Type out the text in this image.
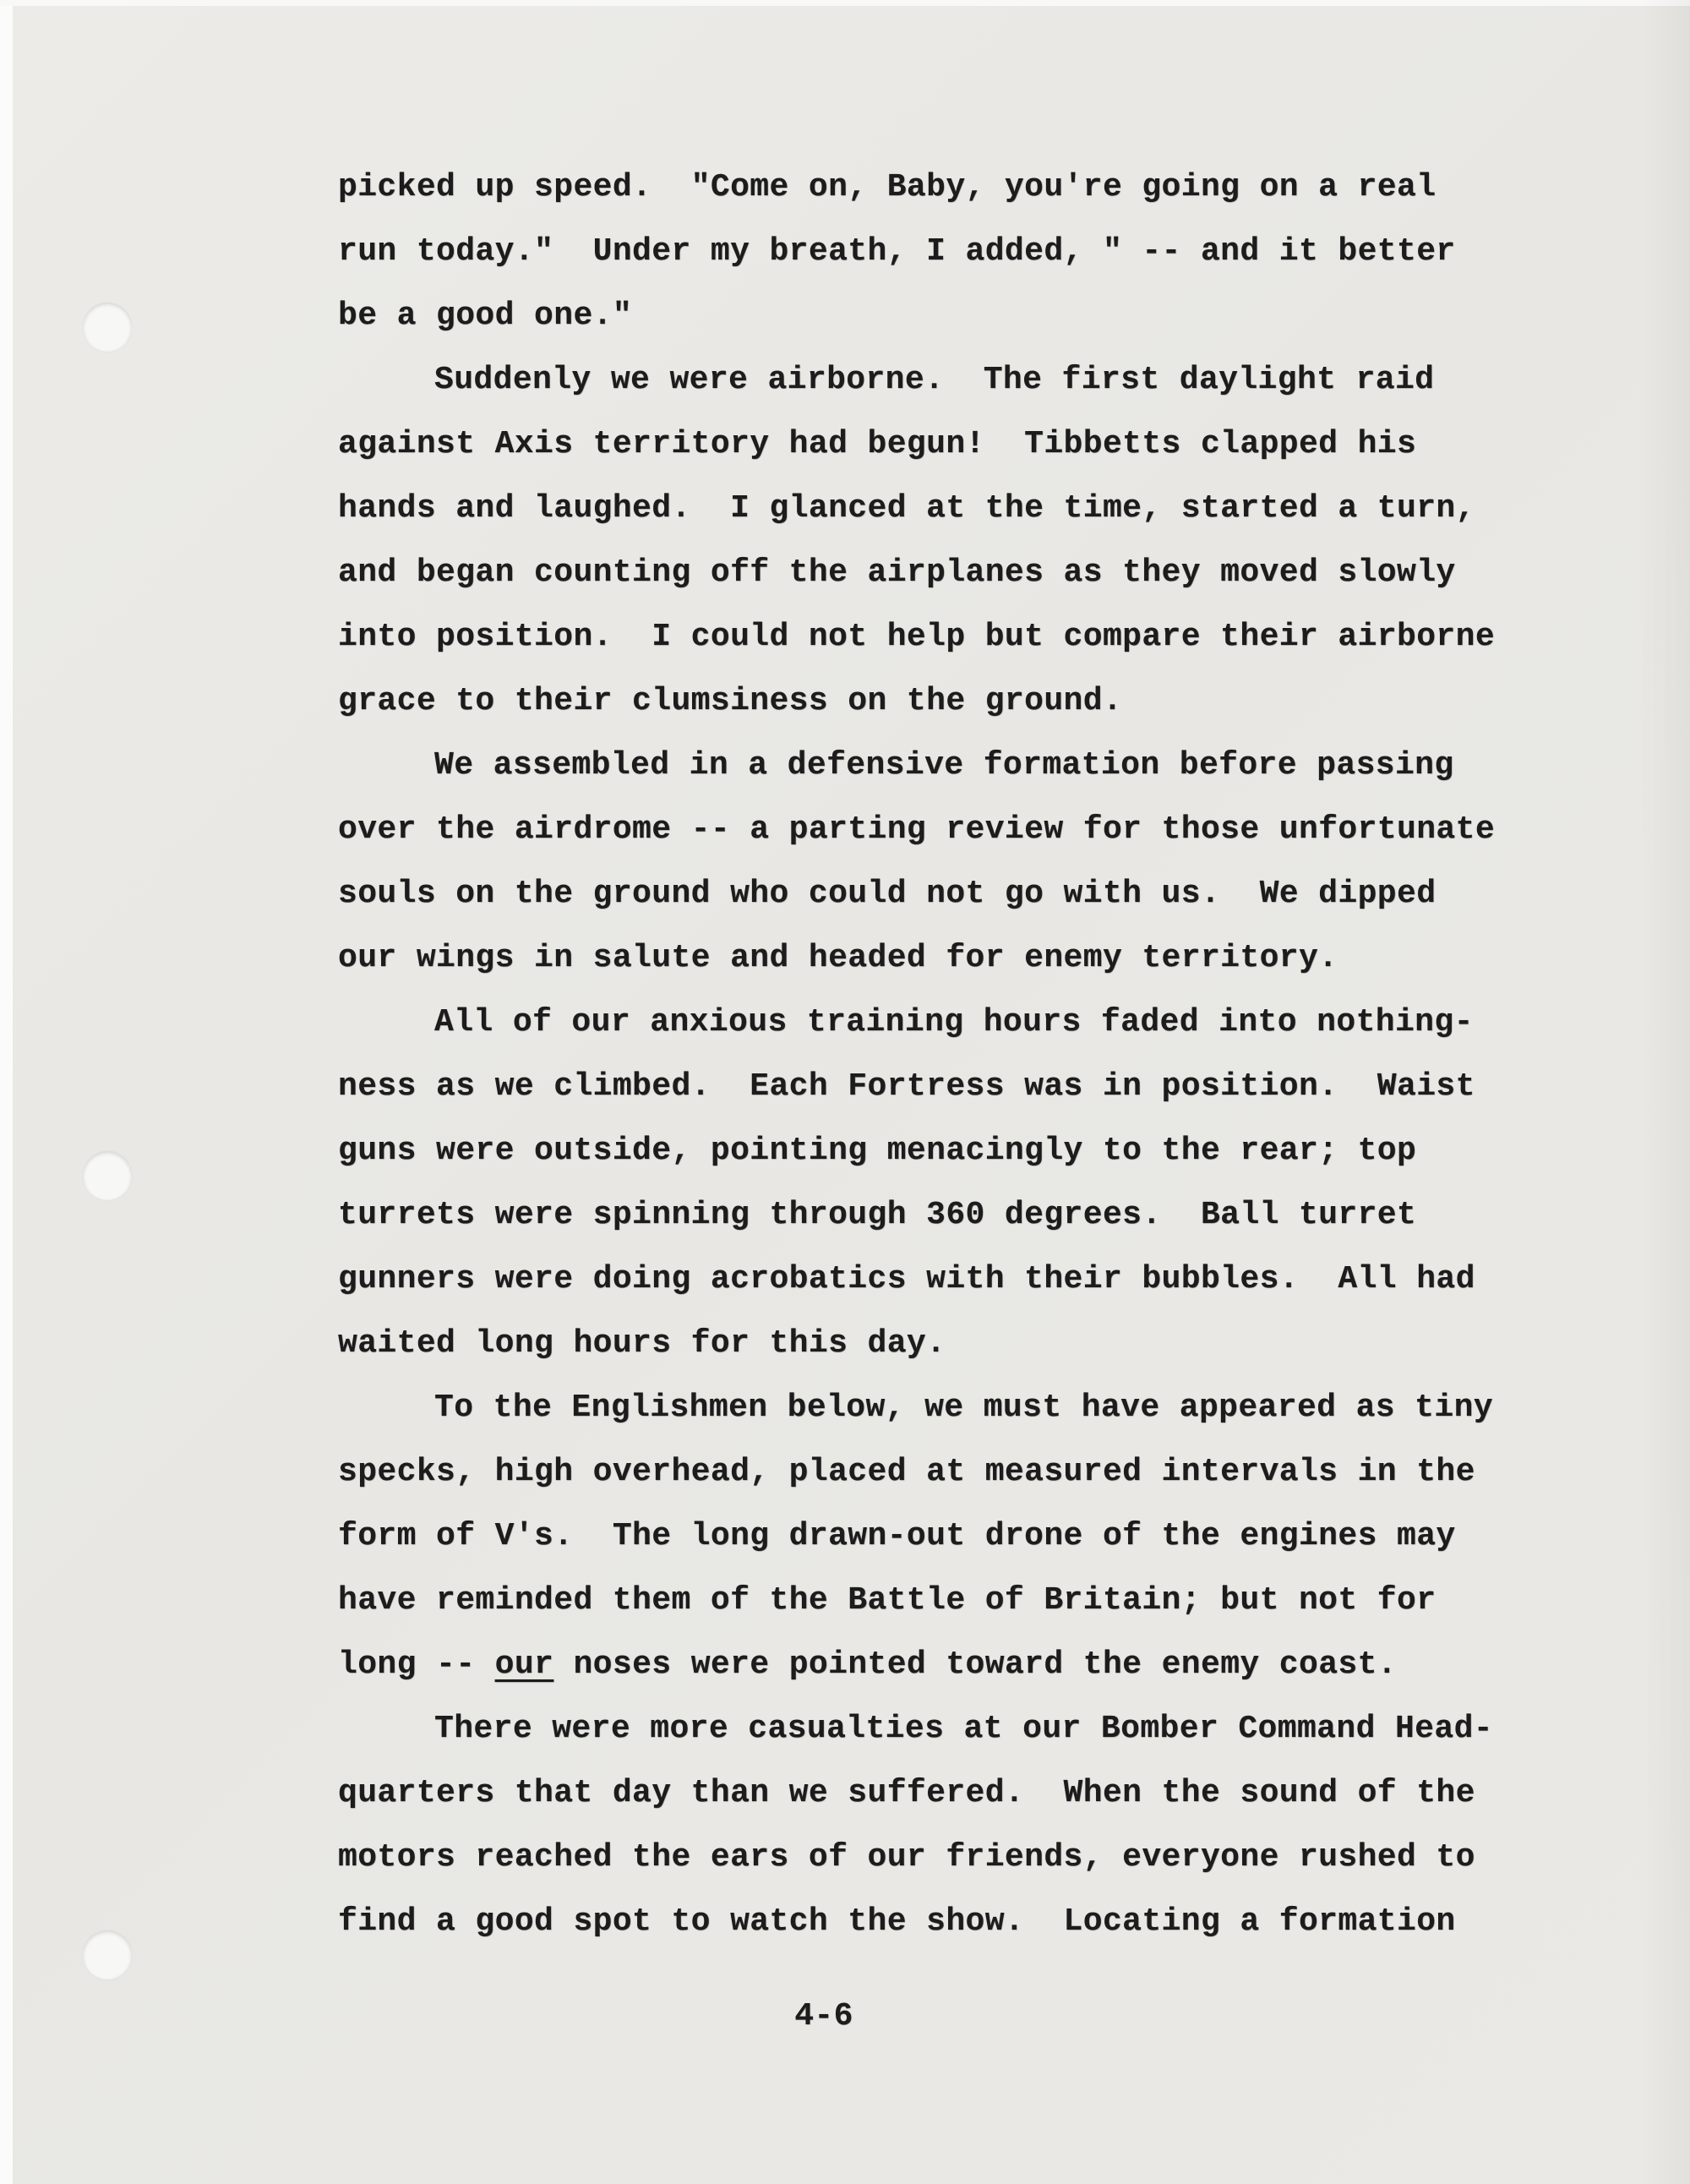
picked up speed.  "Come on, Baby, you're going on a real
run today."  Under my breath, I added, " -- and it better
be a good one."
Suddenly we were airborne.  The first daylight raid
against Axis territory had begun!  Tibbetts clapped his
hands and laughed.  I glanced at the time, started a turn,
and began counting off the airplanes as they moved slowly
into position.  I could not help but compare their airborne
grace to their clumsiness on the ground.
We assembled in a defensive formation before passing
over the airdrome -- a parting review for those unfortunate
souls on the ground who could not go with us.  We dipped
our wings in salute and headed for enemy territory.
All of our anxious training hours faded into nothing-
ness as we climbed.  Each Fortress was in position.  Waist
guns were outside, pointing menacingly to the rear; top
turrets were spinning through 360 degrees.  Ball turret
gunners were doing acrobatics with their bubbles.  All had
waited long hours for this day.
To the Englishmen below, we must have appeared as tiny
specks, high overhead, placed at measured intervals in the
form of V's.  The long drawn-out drone of the engines may
have reminded them of the Battle of Britain; but not for
long -- our noses were pointed toward the enemy coast.
There were more casualties at our Bomber Command Head-
quarters that day than we suffered.  When the sound of the
motors reached the ears of our friends, everyone rushed to
find a good spot to watch the show.  Locating a formation
4-6
